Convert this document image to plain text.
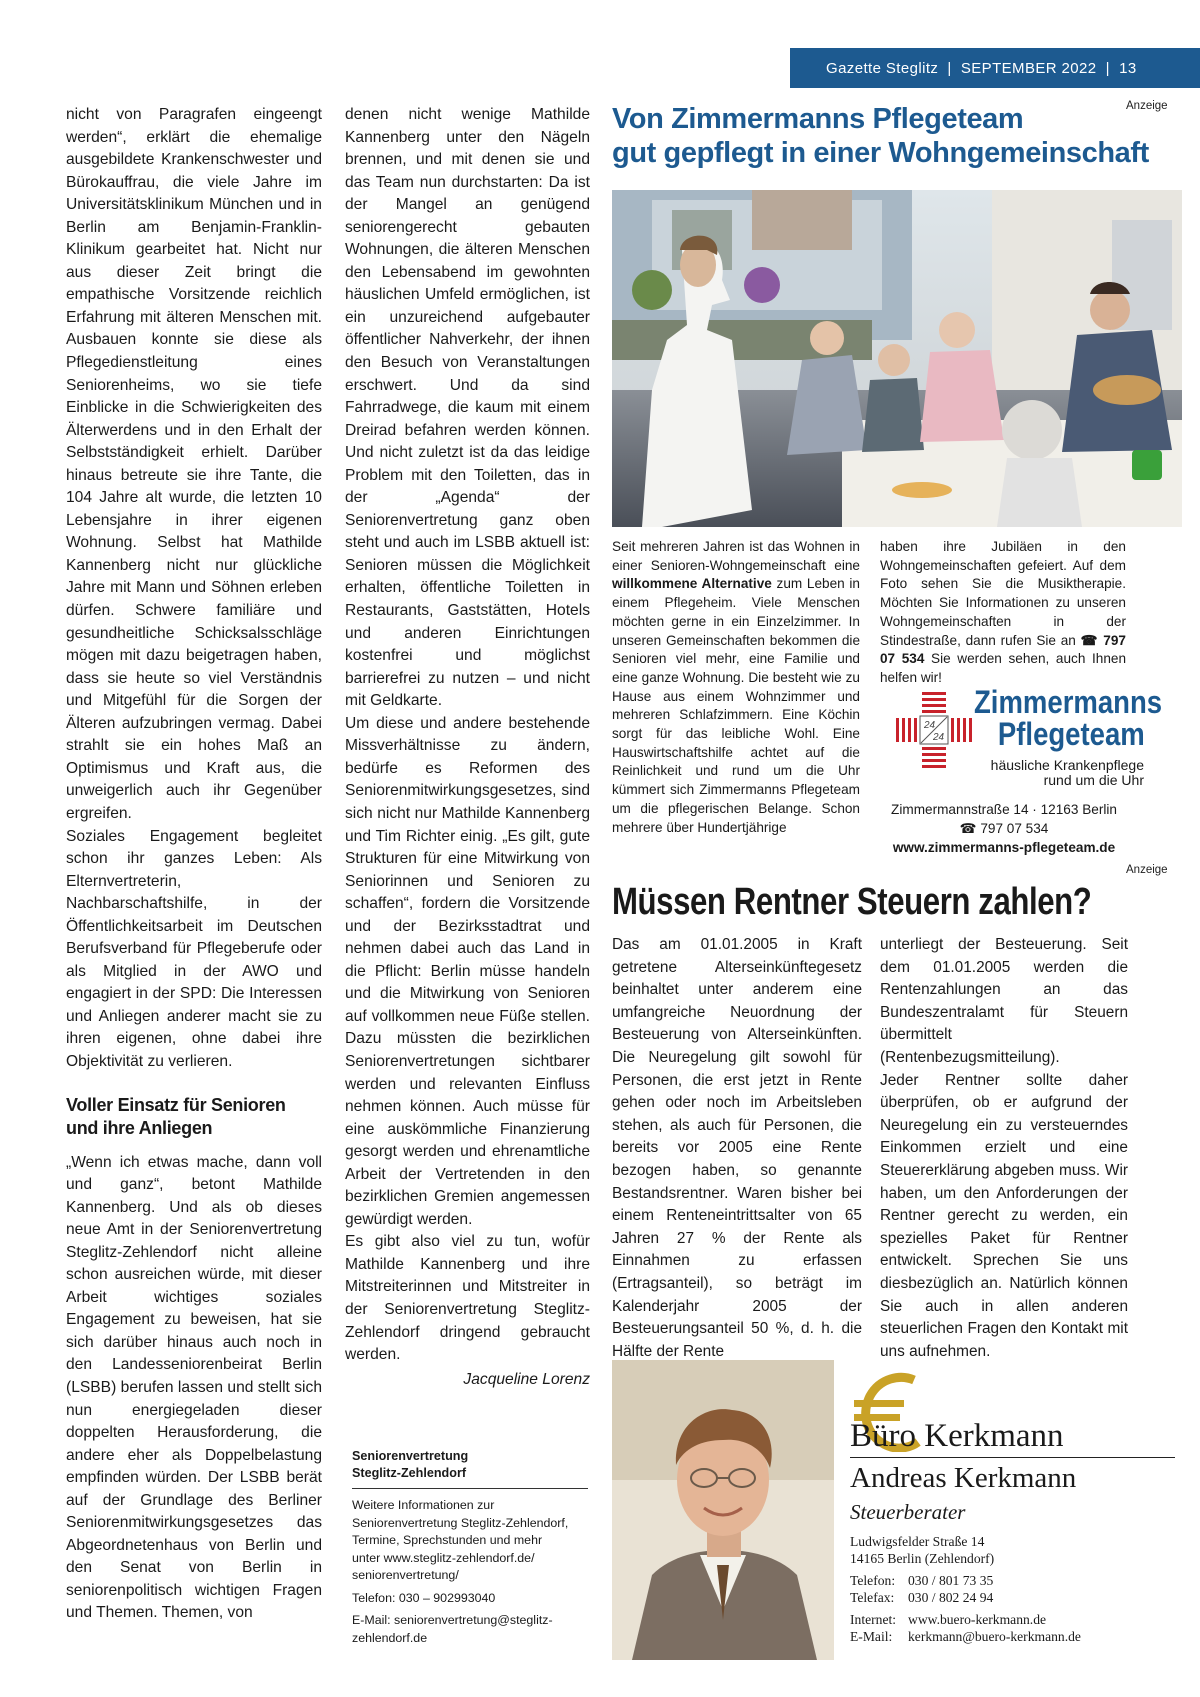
Gazette Steglitz | SEPTEMBER 2022 | 13

nicht von Paragrafen eingeengt werden“, erklärt die ehemalige ausgebildete Krankenschwester und Bürokauffrau, die viele Jahre im Universitätsklinikum München und in Berlin am Benjamin-Franklin-Klinikum gearbeitet hat. Nicht nur aus dieser Zeit bringt die empathische Vorsitzende reichlich Erfahrung mit älteren Menschen mit. Ausbauen konnte sie diese als Pflegedienstleitung eines Seniorenheims, wo sie tiefe Einblicke in die Schwierigkeiten des Älterwerdens und in den Erhalt der Selbstständigkeit erhielt. Darüber hinaus betreute sie ihre Tante, die 104 Jahre alt wurde, die letzten 10 Lebensjahre in ihrer eigenen Wohnung. Selbst hat Mathilde Kannenberg nicht nur glückliche Jahre mit Mann und Söhnen erleben dürfen. Schwere familiäre und gesundheitliche Schicksalsschläge mögen mit dazu beigetragen haben, dass sie heute so viel Verständnis und Mitgefühl für die Sorgen der Älteren aufzubringen vermag. Dabei strahlt sie ein hohes Maß an Optimismus und Kraft aus, die unweigerlich auch ihr Gegenüber ergreifen.

Soziales Engagement begleitet schon ihr ganzes Leben: Als Elternvertreterin, Nachbarschaftshilfe, in der Öffentlichkeitsarbeit im Deutschen Berufsverband für Pflegeberufe oder als Mitglied in der AWO und engagiert in der SPD: Die Interessen und Anliegen anderer macht sie zu ihren eigenen, ohne dabei ihre Objektivität zu verlieren.

Voller Einsatz für Senioren
und ihre Anliegen

„Wenn ich etwas mache, dann voll und ganz“, betont Mathilde Kannenberg. Und als ob dieses neue Amt in der Seniorenvertretung Steglitz-Zehlendorf nicht alleine schon ausreichen würde, mit dieser Arbeit wichtiges soziales Engagement zu beweisen, hat sie sich darüber hinaus auch noch in den Landesseniorenbeirat Berlin (LSBB) berufen lassen und stellt sich nun energiegeladen dieser doppelten Herausforderung, die andere eher als Doppelbelastung empfinden würden. Der LSBB berät auf der Grundlage des Berliner Seniorenmitwirkungsgesetzes das Abgeordnetenhaus von Berlin und den Senat von Berlin in seniorenpolitisch wichtigen Fragen und Themen. Themen, von

denen nicht wenige Mathilde Kannenberg unter den Nägeln brennen, und mit denen sie und das Team nun durchstarten: Da ist der Mangel an genügend seniorengerecht gebauten Wohnungen, die älteren Menschen den Lebensabend im gewohnten häuslichen Umfeld ermöglichen, ist ein unzureichend aufgebauter öffentlicher Nahverkehr, der ihnen den Besuch von Veranstaltungen erschwert. Und da sind Fahrradwege, die kaum mit einem Dreirad befahren werden können. Und nicht zuletzt ist da das leidige Problem mit den Toiletten, das in der „Agenda“ der Seniorenvertretung ganz oben steht und auch im LSBB aktuell ist: Senioren müssen die Möglichkeit erhalten, öffentliche Toiletten in Restaurants, Gaststätten, Hotels und anderen Einrichtungen kostenfrei und möglichst barrierefrei zu nutzen – und nicht mit Geldkarte.

Um diese und andere bestehende Missverhältnisse zu ändern, bedürfe es Reformen des Seniorenmitwirkungsgesetzes, sind sich nicht nur Mathilde Kannenberg und Tim Richter einig. „Es gilt, gute Strukturen für eine Mitwirkung von Seniorinnen und Senioren zu schaffen“, fordern die Vorsitzende und der Bezirksstadtrat und nehmen dabei auch das Land in die Pflicht: Berlin müsse handeln und die Mitwirkung von Senioren auf vollkommen neue Füße stellen. Dazu müssten die bezirklichen Seniorenvertretungen sichtbarer werden und relevanten Einfluss nehmen können. Auch müsse für eine auskömmliche Finanzierung gesorgt werden und ehrenamtliche Arbeit der Vertretenden in den bezirklichen Gremien angemessen gewürdigt werden.

Es gibt also viel zu tun, wofür Mathilde Kannenberg und ihre Mitstreiterinnen und Mitstreiter in der Seniorenvertretung Steglitz-Zehlendorf dringend gebraucht werden.

Jacqueline Lorenz

Seniorenvertretung
Steglitz-Zehlendorf
Weitere Informationen zur
Seniorenvertretung Steglitz-Zehlendorf,
Termine, Sprechstunden und mehr
unter www.steglitz-zehlendorf.de/
seniorenvertretung/
Telefon: 030 – 902993040
E-Mail: seniorenvertretung@steglitz-
zehlendorf.de
Anzeige
Von Zimmermanns Pflegeteam
gut gepflegt in einer Wohngemeinschaft

Seit mehreren Jahren ist das Wohnen in einer Senioren-Wohngemeinschaft eine willkommene Alternative zum Leben in einem Pflegeheim. Viele Menschen möchten gerne in ein Einzelzimmer. In unseren Gemeinschaften bekommen die Senioren viel mehr, eine Familie und eine ganze Wohnung. Die besteht wie zu Hause aus einem Wohnzimmer und mehreren Schlafzimmern. Eine Köchin sorgt für das leibliche Wohl. Eine Hauswirtschaftshilfe achtet auf die Reinlichkeit und rund um die Uhr kümmert sich Zimmermanns Pflegeteam um die pflegerischen Belange. Schon mehrere über Hundertjährige

haben ihre Jubiläen in den Wohngemeinschaften gefeiert. Auf dem Foto sehen Sie die Musiktherapie. Möchten Sie Informationen zu unseren Wohngemeinschaften in der Stindestraße, dann rufen Sie an ☎ 797 07 534 Sie werden sehen, auch Ihnen helfen wir!

24
24
Zimmermanns
Pflegeteam
häusliche Krankenpflege
rund um die Uhr
Zimmermannstraße 14 · 12163 Berlin
☎ 797 07 534
www.zimmermanns-pflegeteam.de
Anzeige
Müssen Rentner Steuern zahlen?

Das am 01.01.2005 in Kraft getretene Alterseinkünftegesetz beinhaltet unter anderem eine umfangreiche Neuordnung der Besteuerung von Alterseinkünften. Die Neuregelung gilt sowohl für Personen, die erst jetzt in Rente gehen oder noch im Arbeitsleben stehen, als auch für Personen, die bereits vor 2005 eine Rente bezogen haben, so genannte Bestandsrentner. Waren bisher bei einem Renteneintrittsalter von 65 Jahren 27 % der Rente als Einnahmen zu erfassen (Ertragsanteil), so beträgt im Kalenderjahr 2005 der Besteuerungsanteil 50 %, d. h. die Hälfte der Rente

unterliegt der Besteuerung. Seit dem 01.01.2005 werden die Rentenzahlungen an das Bundeszentralamt für Steuern übermittelt (Rentenbezugsmitteilung).

Jeder Rentner sollte daher überprüfen, ob er aufgrund der Neuregelung ein zu versteuerndes Einkommen erzielt und eine Steuererklärung abgeben muss. Wir haben, um den Anforderungen der Rentner gerecht zu werden, ein spezielles Paket für Rentner entwickelt. Sprechen Sie uns diesbezüglich an. Natürlich können Sie auch in allen anderen steuerlichen Fragen den Kontakt mit uns aufnehmen.

Büro Kerkmann
Andreas Kerkmann
Steuerberater
Ludwigsfelder Straße 14
14165 Berlin (Zehlendorf)
Telefon: 030 / 801 73 35
Telefax:	030 / 802 24 94
Internet: www.buero-kerkmann.de
E-Mail:	kerkmann@buero-kerkmann.de
